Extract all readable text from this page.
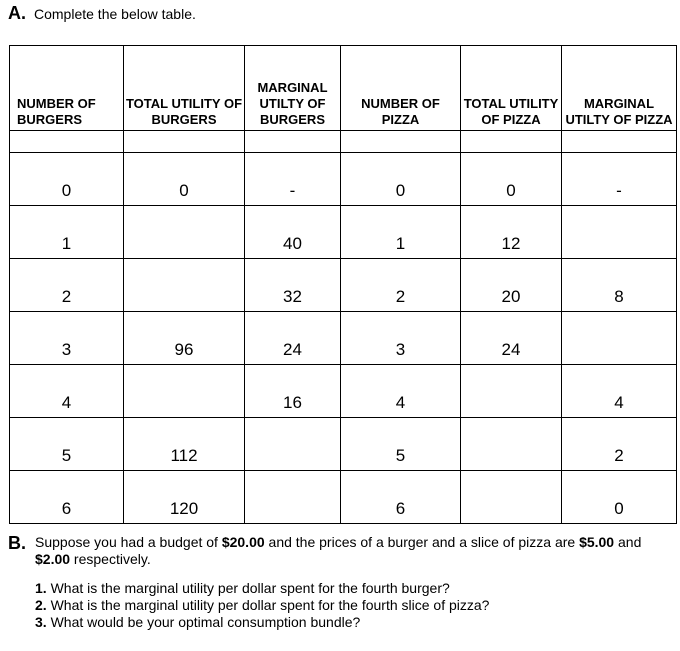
A. Complete the below table.
NUMBER OF BURGERS	TOTAL UTILITY OF BURGERS	MARGINAL UTILTY OF BURGERS	NUMBER OF PIZZA	TOTAL UTILITY OF PIZZA	MARGINAL UTILTY OF PIZZA

0	0	-	0	0	-
1		40	1	12	
2		32	2	20	8
3	96	24	3	24	
4		16	4		4
5	112		5		2
6	120		6		0
B. Suppose you had a budget of $20.00 and the prices of a burger and a slice of pizza are $5.00 and $2.00 respectively.
1. What is the marginal utility per dollar spent for the fourth burger?
2. What is the marginal utility per dollar spent for the fourth slice of pizza?
3. What would be your optimal consumption bundle?
